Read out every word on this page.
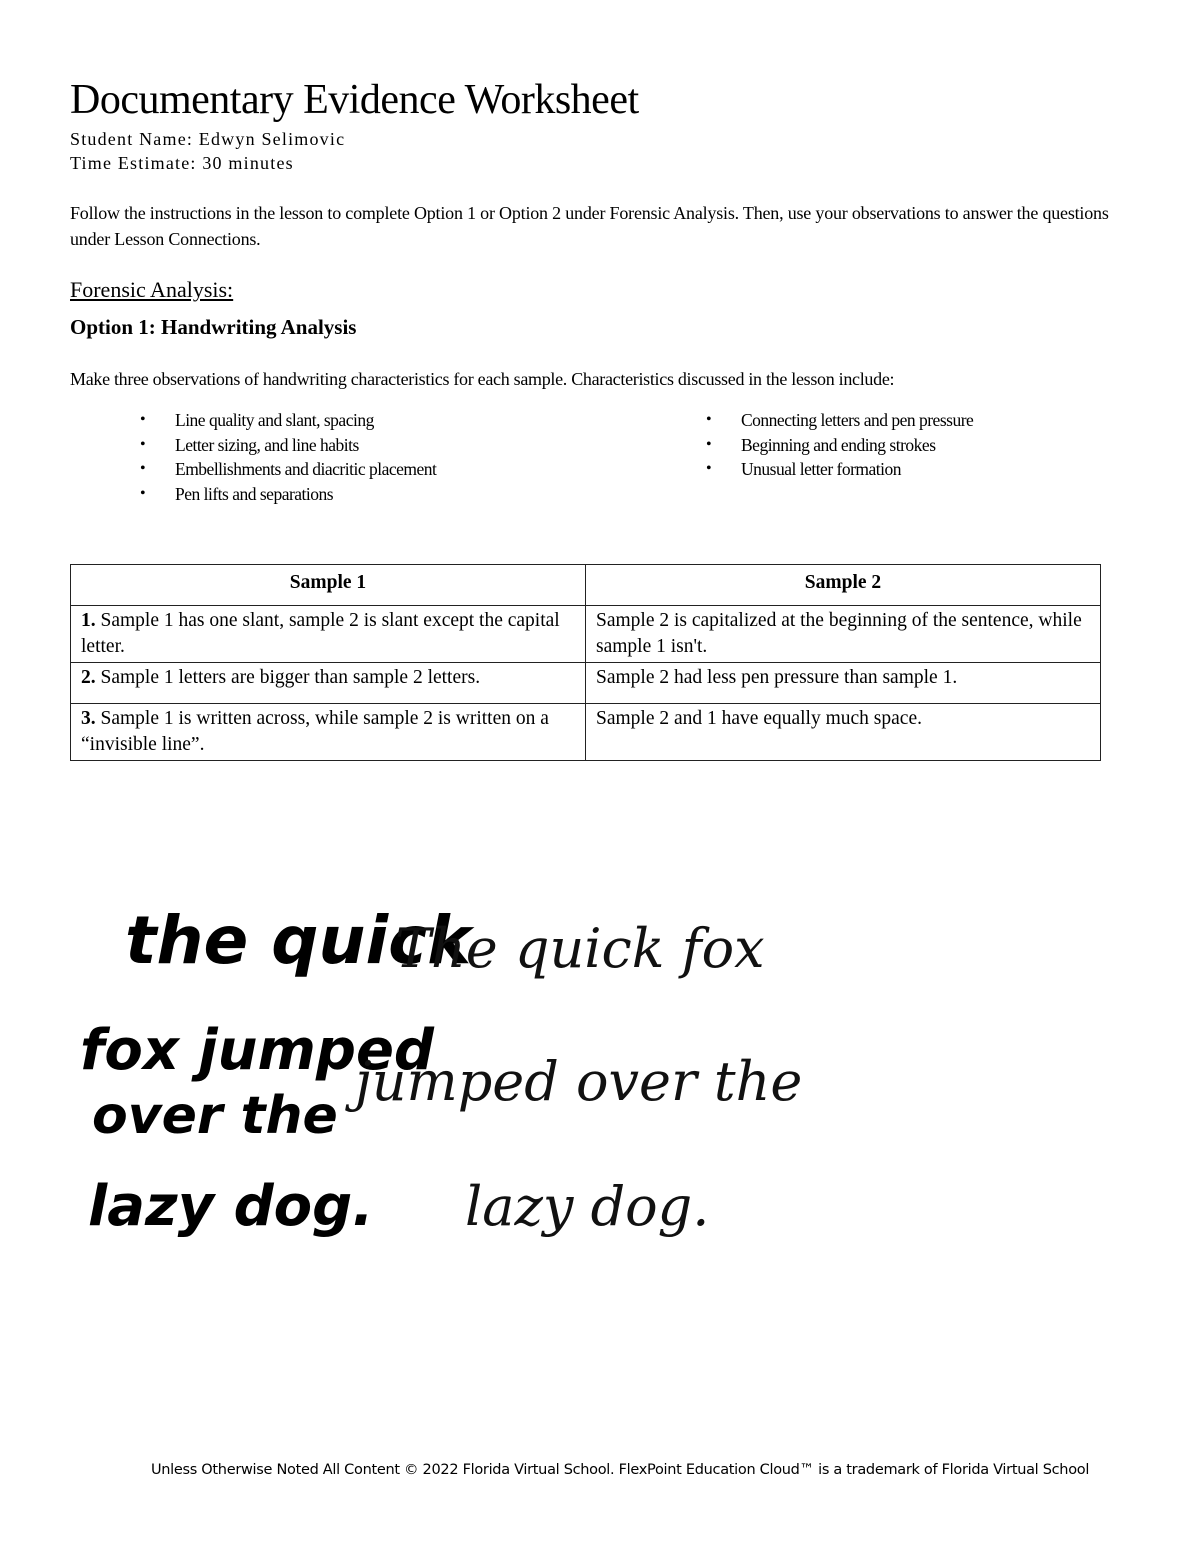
Documentary Evidence Worksheet
Student Name: Edwyn Selimovic
Time Estimate: 30 minutes
Follow the instructions in the lesson to complete Option 1 or Option 2 under Forensic Analysis. Then, use your observations to answer the questions under Lesson Connections.
Forensic Analysis:
Option 1: Handwriting Analysis
Make three observations of handwriting characteristics for each sample. Characteristics discussed in the lesson include:
• Line quality and slant, spacing
• Letter sizing, and line habits
• Embellishments and diacritic placement
• Pen lifts and separations
• Connecting letters and pen pressure
• Beginning and ending strokes
• Unusual letter formation
Sample 1	Sample 2
1. Sample 1 has one slant, sample 2 is slant except the capital letter.	Sample 2 is capitalized at the beginning of the sentence, while sample 1 isn't.
2. Sample 1 letters are bigger than sample 2 letters.	Sample 2 had less pen pressure than sample 1.
3. Sample 1 is written across, while sample 2 is written on a “invisible line”.	Sample 2 and 1 have equally much space.
the quick
fox jumped
over the
lazy dog.
The quick fox
jumped over the
lazy dog.
Unless Otherwise Noted All Content © 2022 Florida Virtual School. FlexPoint Education Cloud™ is a trademark of Florida Virtual School
